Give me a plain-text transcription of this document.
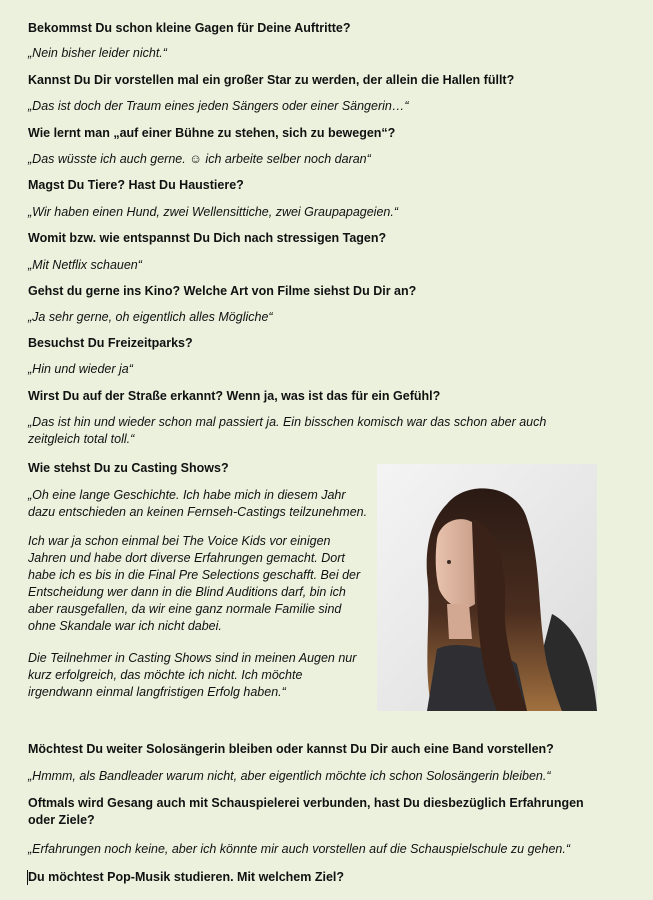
Bekommst Du schon kleine Gagen für Deine Auftritte?

„Nein bisher leider nicht.“

Kannst Du Dir vorstellen mal ein großer Star zu werden, der allein die Hallen füllt?

„Das ist doch der Traum eines jeden Sängers oder einer Sängerin…“

Wie lernt man „auf einer Bühne zu stehen, sich zu bewegen“?

„Das wüsste ich auch gerne. ☺ ich arbeite selber noch daran“

Magst Du Tiere? Hast Du Haustiere?

„Wir haben einen Hund, zwei Wellensittiche, zwei Graupapageien.“

Womit bzw. wie entspannst Du Dich nach stressigen Tagen?

„Mit Netflix schauen“

Gehst du gerne ins Kino? Welche Art von Filme siehst Du Dir an?

„Ja sehr gerne, oh eigentlich alles Mögliche“

Besuchst Du Freizeitparks?

„Hin und wieder ja“

Wirst Du auf der Straße erkannt? Wenn ja, was ist das für ein Gefühl?

„Das ist hin und wieder schon mal passiert ja. Ein bisschen komisch war das schon aber auch zeitgleich total toll.“

Wie stehst Du zu Casting Shows?

„Oh eine lange Geschichte. Ich habe mich in diesem Jahr dazu entschieden an keinen Fernseh-Castings teilzunehmen.

Ich war ja schon einmal bei The Voice Kids vor einigen Jahren und habe dort diverse Erfahrungen gemacht. Dort habe ich es bis in die Final Pre Selections geschafft. Bei der Entscheidung wer dann in die Blind Auditions darf, bin ich aber rausgefallen, da wir eine ganz normale Familie sind ohne Skandale war ich nicht dabei.

Die Teilnehmer in Casting Shows sind in meinen Augen nur kurz erfolgreich, das möchte ich nicht. Ich möchte irgendwann einmal langfristigen Erfolg haben.“

Möchtest Du weiter Solosängerin bleiben oder kannst Du Dir auch eine Band vorstellen?

„Hmmm, als Bandleader warum nicht, aber eigentlich möchte ich schon Solosängerin bleiben.“

Oftmals wird Gesang auch mit Schauspielerei verbunden, hast Du diesbezüglich Erfahrungen oder Ziele?

„Erfahrungen noch keine, aber ich könnte mir auch vorstellen auf die Schauspielschule zu gehen.“

Du möchtest Pop-Musik studieren. Mit welchem Ziel?
